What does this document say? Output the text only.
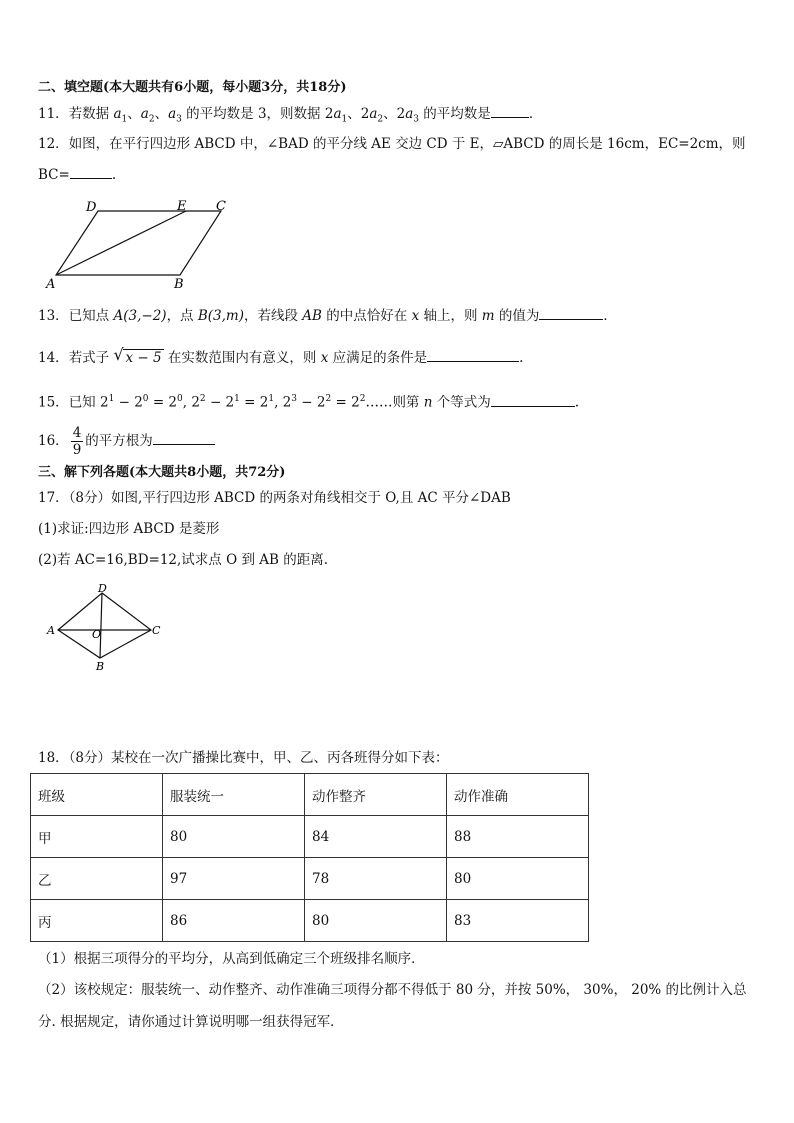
二、填空题(本大题共有6小题，每小题3分，共18分)
11．若数据 $a_1$、$a_2$、$a_3$ 的平均数是 3，则数据 $2a_1$、$2a_2$、$2a_3$ 的平均数是	．
12．如图，在平行四边形 ABCD 中，∠BAD 的平分线 AE 交边 CD 于 E，▱ABCD 的周长是 16cm，EC=2cm，则
BC=	.
D	E C
A	B
13．已知点 A(3,−2)，点 B(3,m)，若线段 AB 的中点恰好在 x 轴上，则 m 的值为	．
14．若式子 √ x − 5 在实数范围内有意义，则 x 应满足的条件是	.
15．已知 $2^1 - 2^0 = 2^0$, $2^2 - 2^1 = 2^1$, $2^3 - 2^2$ = $2^2\dots\dots$则第 n 个等式为	.
16． $\frac{4}{9}$ 的平方根为
三、解下列各题(本大题共8小题，共72分)
17．（8分）如图,平行四边形 ABCD 的两条对角线相交于 O,且 AC 平分∠DAB
(1)求证:四边形 ABCD 是菱形
(2)若 AC=16,BD=12,试求点 O 到 AB 的距离.
D
A	O	C
B
18．（8分）某校在一次广播操比赛中，甲、乙、丙各班得分如下表：
班级	服装统一	动作整齐	动作准确
甲	80	84	88
乙	97	78	80
丙	86	80	83
（1）根据三项得分的平均分，从高到低确定三个班级排名顺序．
（2）该校规定：服装统一、动作整齐、动作准确三项得分都不得低于 80 分，并按 50%， 30%， 20% 的比例计入总
分. 根据规定，请你通过计算说明哪一组获得冠军．
